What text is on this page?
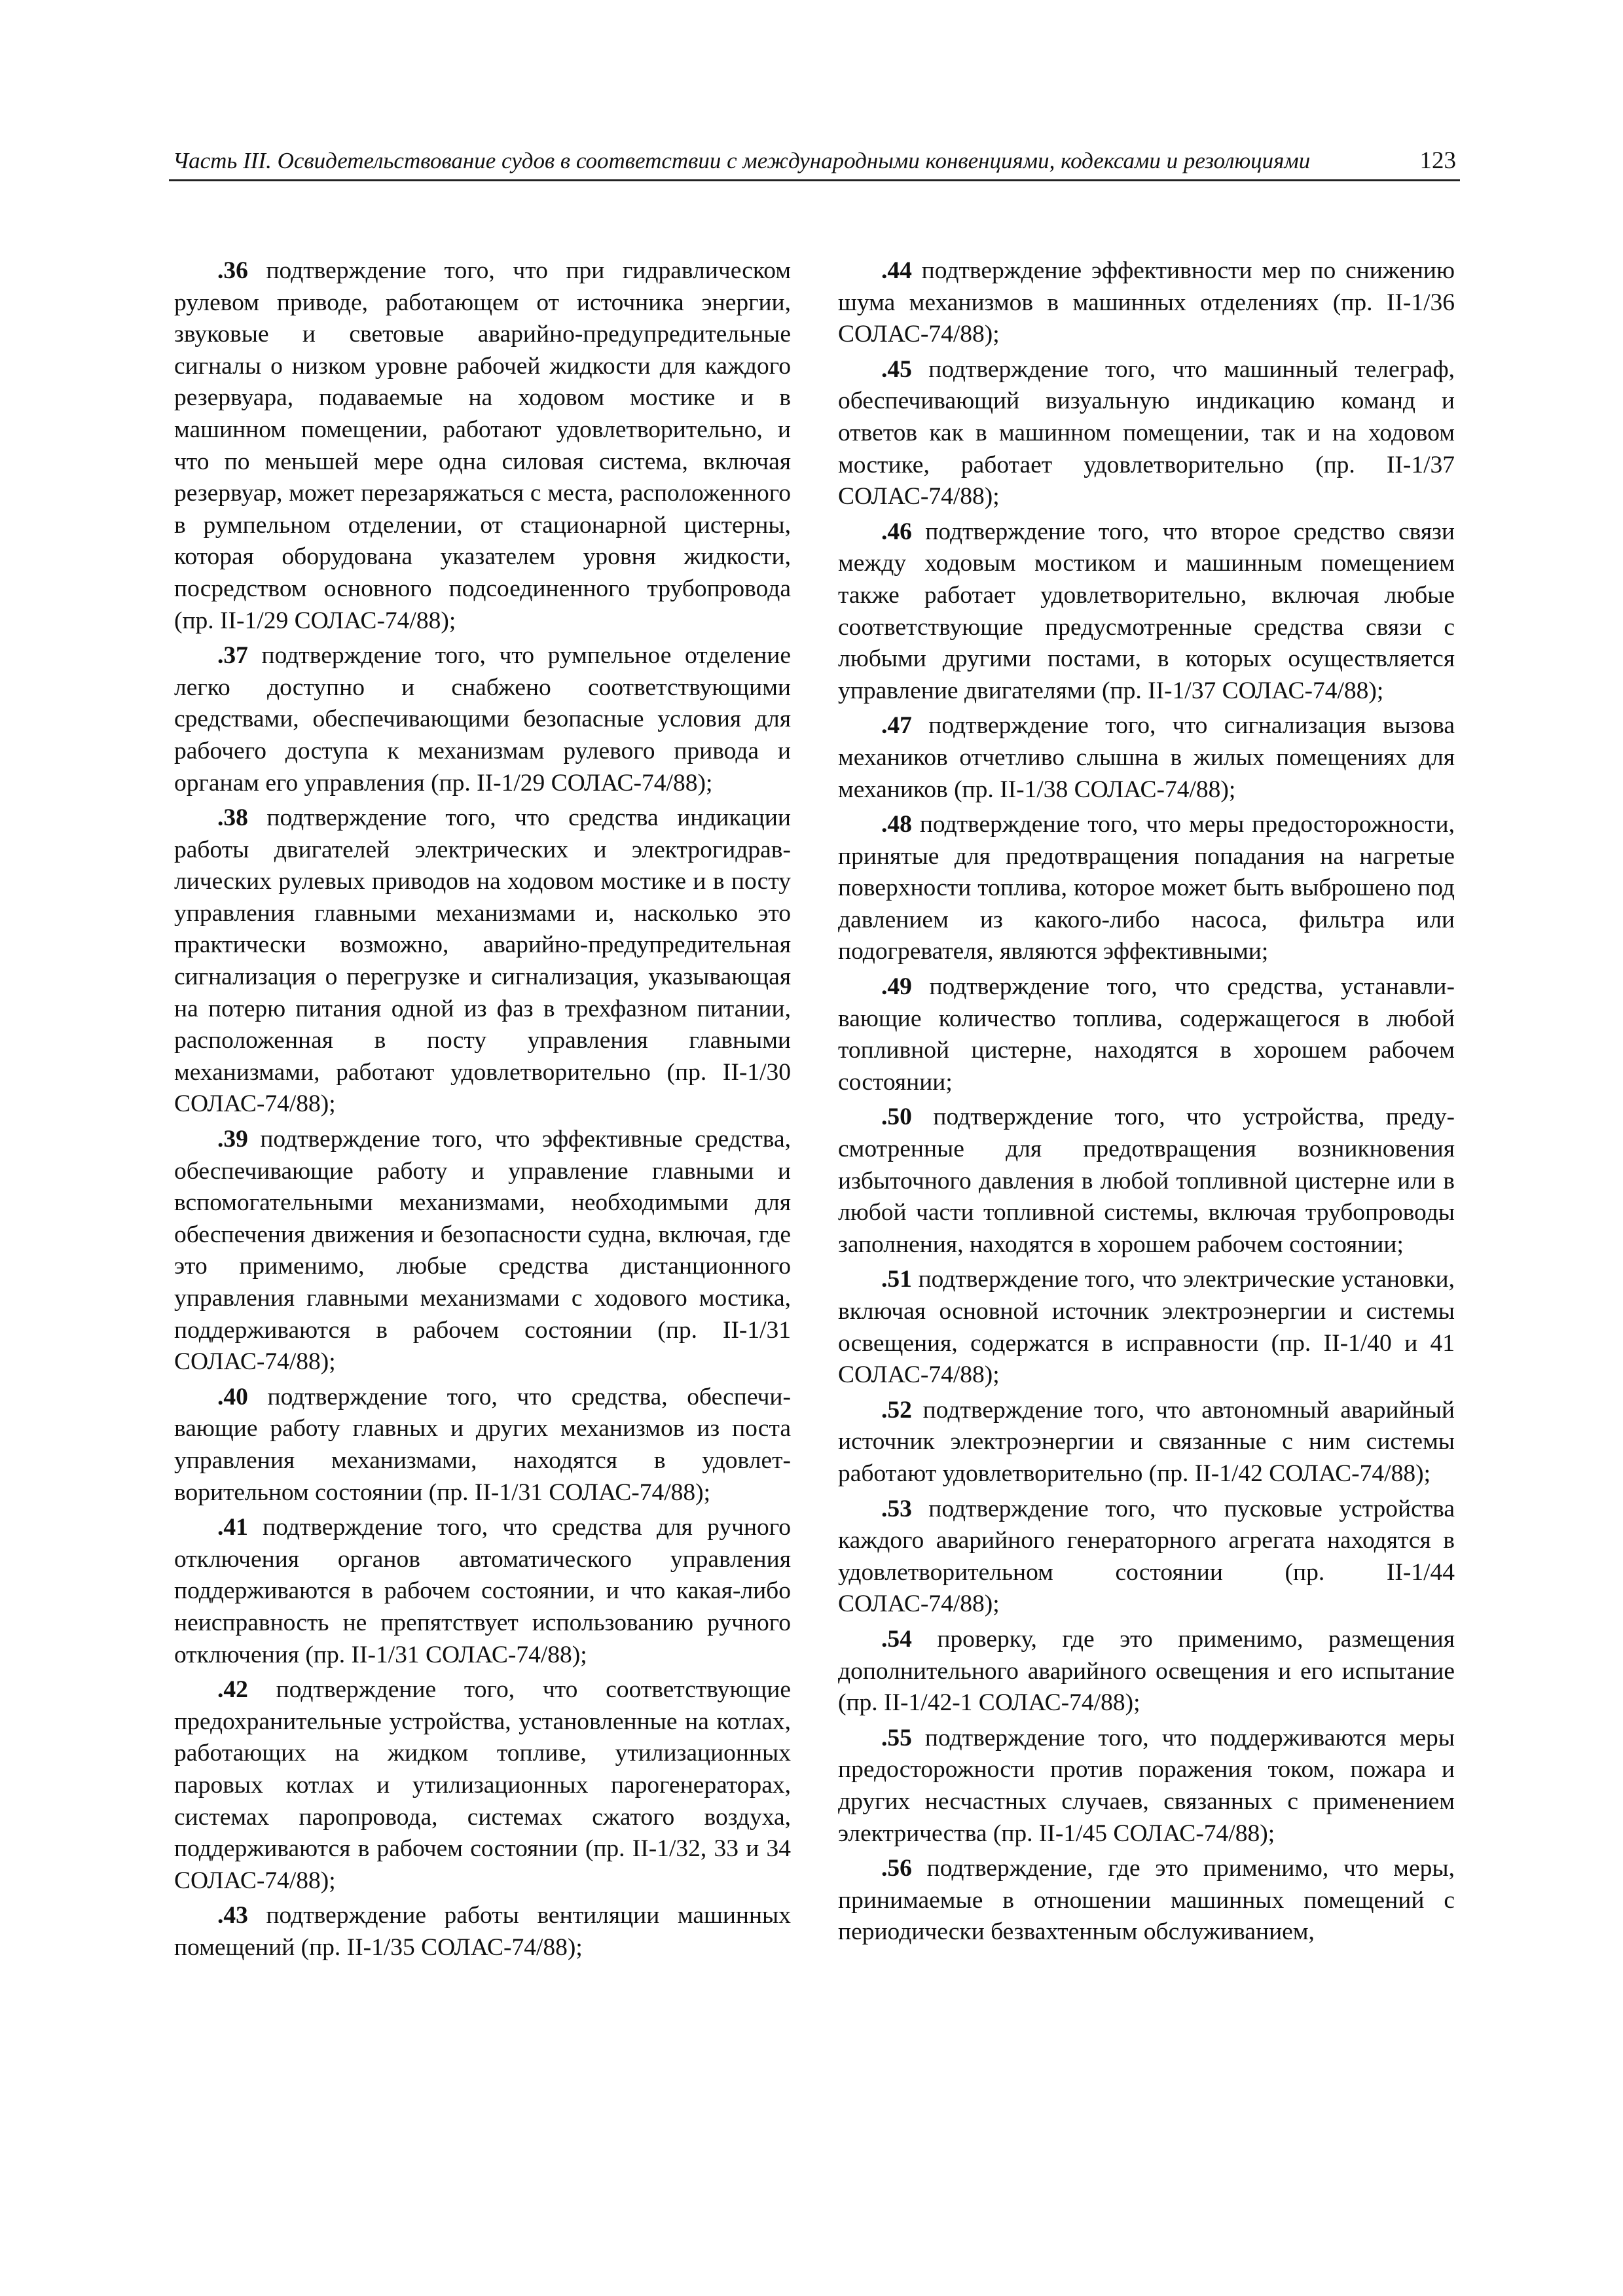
Часть III. Освидетельствование судов в соответствии с международными конвенциями, кодексами и резолюциями	123

.36 подтверждение того, что при гидравлическом рулевом приводе, работающем от источника энергии, звуковые и световые аварийно-предупредительные сигналы о низком уровне рабочей жидкости для каждого резервуара, подаваемые на ходовом мостике и в машинном помещении, работают удовлетворительно, и что по меньшей мере одна силовая система, включая резервуар, может перезаряжаться с места, расположенного в румпельном отделении, от стационарной цистерны, которая оборудована указателем уровня жидкости, посредством основного подсоединенного трубопровода (пр. II-1/29 СОЛАС-74/88);

.37 подтверждение того, что румпельное отделение легко доступно и снабжено соответствующими средствами, обеспечивающими безопасные условия для рабочего доступа к механизмам рулевого привода и органам его управления (пр. II-1/29 СОЛАС-74/88);

.38 подтверждение того, что средства индикации работы двигателей электрических и электрогидравлических рулевых приводов на ходовом мостике и в посту управления главными механизмами и, насколько это практически возможно, аварийно-предупредительная сигнализация о перегрузке и сигнализация, указывающая на потерю питания одной из фаз в трехфазном питании, расположенная в посту управления главными механизмами, работают удовлетворительно (пр. II-1/30 СОЛАС-74/88);

.39 подтверждение того, что эффективные средства, обеспечивающие работу и управление главными и вспомогательными механизмами, необходимыми для обеспечения движения и безопасности судна, включая, где это применимо, любые средства дистанционного управления главными механизмами с ходового мостика, поддерживаются в рабочем состоянии (пр. II-1/31 СОЛАС-74/88);

.40 подтверждение того, что средства, обеспечивающие работу главных и других механизмов из поста управления механизмами, находятся в удовлетворительном состоянии (пр. II-1/31 СОЛАС-74/88);

.41 подтверждение того, что средства для ручного отключения органов автоматического управления поддерживаются в рабочем состоянии, и что какая-либо неисправность не препятствует использованию ручного отключения (пр. II-1/31 СОЛАС-74/88);

.42 подтверждение того, что соответствующие предохранительные устройства, установленные на котлах, работающих на жидком топливе, утилизационных паровых котлах и утилизационных парогенераторах, системах паропровода, системах сжатого воздуха, поддерживаются в рабочем состоянии (пр. II-1/32, 33 и 34 СОЛАС-74/88);

.43 подтверждение работы вентиляции машинных помещений (пр. II-1/35 СОЛАС-74/88);

.44 подтверждение эффективности мер по снижению шума механизмов в машинных отделениях (пр. II-1/36 СОЛАС-74/88);

.45 подтверждение того, что машинный телеграф, обеспечивающий визуальную индикацию команд и ответов как в машинном помещении, так и на ходовом мостике, работает удовлетворительно (пр. II-1/37 СОЛАС-74/88);

.46 подтверждение того, что второе средство связи между ходовым мостиком и машинным помещением также работает удовлетворительно, включая любые соответствующие предусмотренные средства связи с любыми другими постами, в которых осуществляется управление двигателями (пр. II-1/37 СОЛАС-74/88);

.47 подтверждение того, что сигнализация вызова механиков отчетливо слышна в жилых помещениях для механиков (пр. II-1/38 СОЛАС-74/88);

.48 подтверждение того, что меры предосторожности, принятые для предотвращения попадания на нагретые поверхности топлива, которое может быть выброшено под давлением из какого-либо насоса, фильтра или подогревателя, являются эффективными;

.49 подтверждение того, что средства, устанавливающие количество топлива, содержащегося в любой топливной цистерне, находятся в хорошем рабочем состоянии;

.50 подтверждение того, что устройства, предусмотренные для предотвращения возникновения избыточного давления в любой топливной цистерне или в любой части топливной системы, включая трубопроводы заполнения, находятся в хорошем рабочем состоянии;

.51 подтверждение того, что электрические установки, включая основной источник электроэнергии и системы освещения, содержатся в исправности (пр. II-1/40 и 41 СОЛАС-74/88);

.52 подтверждение того, что автономный аварийный источник электроэнергии и связанные с ним системы работают удовлетворительно (пр. II-1/42 СОЛАС-74/88);

.53 подтверждение того, что пусковые устройства каждого аварийного генераторного агрегата находятся в удовлетворительном состоянии (пр. II-1/44 СОЛАС-74/88);

.54 проверку, где это применимо, размещения дополнительного аварийного освещения и его испытание (пр. II-1/42-1 СОЛАС-74/88);

.55 подтверждение того, что поддерживаются меры предосторожности против поражения током, пожара и других несчастных случаев, связанных с применением электричества (пр. II-1/45 СОЛАС-74/88);

.56 подтверждение, где это применимо, что меры, принимаемые в отношении машинных помещений с периодически безвахтенным обслуживанием,
